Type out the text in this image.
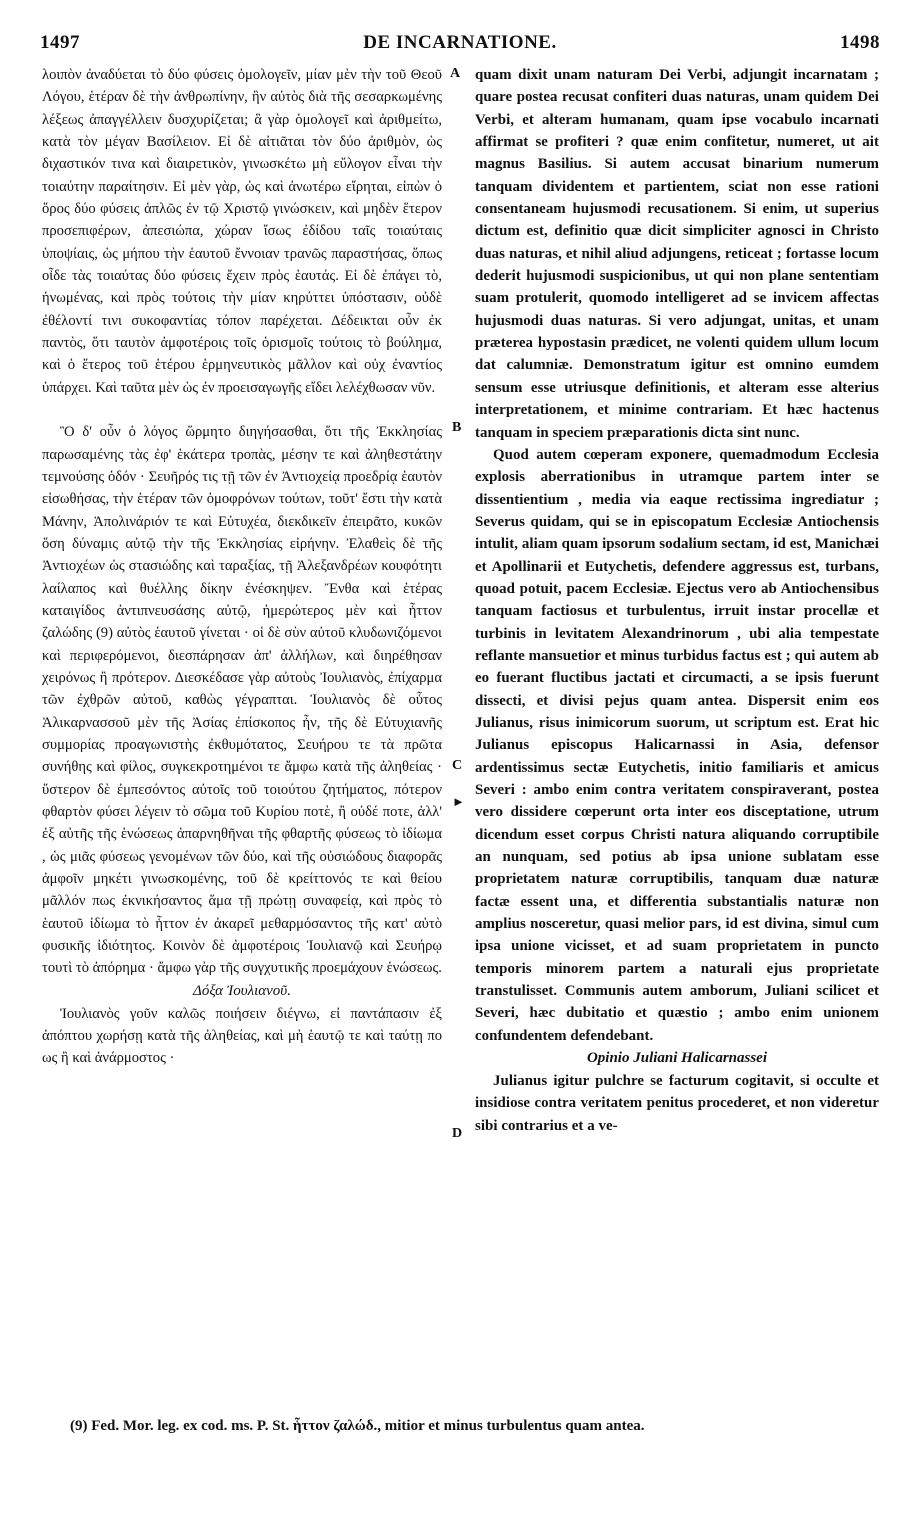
1497	DE INCARNATIONE.	1498

λοιπὸν ἀναδύεται τὸ δύο φύσεις ὁμολογεῖν, μίαν μὲν τὴν τοῦ Θεοῦ Λόγου, ἑτέραν δὲ τὴν ἀνθρωπίνην, ἣν αὐτὸς διὰ τῆς σεσαρκωμένης λέξεως ἀπαγγέλλειν δυσχυρίζεται; ἃ γὰρ ὁμολογεῖ καὶ ἀριθμείτω, κατὰ τὸν μέγαν Βασίλειον. Εἰ δὲ αἰτιᾶται τὸν δύο ἀριθμὸν, ὡς διχαστικόν τινα καὶ διαιρετικὸν, γινωσκέτω μὴ εὔλογον εἶναι τὴν τοιαύτην παραίτησιν. Εἰ μὲν γὰρ, ὡς καὶ ἀνωτέρω εἴρηται, εἰπὼν ὁ ὅρος δύο φύσεις ἁπλῶς ἐν τῷ Χριστῷ γινώσκειν, καὶ μηδὲν ἕτερον προσεπιφέρων, ἀπεσιώπα, χώραν ἴσως ἐδίδου ταῖς τοιαύταις ὑποψίαις, ὡς μήπου τὴν ἑαυτοῦ ἔννοιαν τρανῶς παραστήσας, ὅπως οἶδε τὰς τοιαύτας δύο φύσεις ἔχειν πρὸς ἑαυτάς. Εἰ δὲ ἐπάγει τὸ, ἡνωμένας, καὶ πρὸς τούτοις τὴν μίαν κηρύττει ὑπόστασιν, οὐδὲ ἐθέλοντί τινι συκοφαντίας τόπον παρέχεται. Δέδεικται οὖν ἐκ παντὸς, ὅτι ταυτὸν ἀμφοτέροις τοῖς ὁρισμοῖς τούτοις τὸ βούλημα, καὶ ὁ ἕτερος τοῦ ἑτέρου ἑρμηνευτικὸς μᾶλλον καὶ οὐχ ἐναντίος ὑπάρχει. Καὶ ταῦτα μὲν ὡς ἐν προεισαγωγῆς εἴδει λελέχθωσαν νῦν.

Ὃ δ' οὖν ὁ λόγος ὥρμητο διηγήσασθαι, ὅτι τῆς Ἐκκλησίας παρωσαμένης τὰς ἐφ' ἑκάτερα τροπὰς, μέσην τε καὶ ἀληθεστάτην τεμνούσης ὁδόν · Σευῆρός τις τῇ τῶν ἐν Ἀντιοχείᾳ προεδρίᾳ ἑαυτὸν εἰσωθήσας, τὴν ἑτέραν τῶν ὁμοφρόνων τούτων, τοῦτ' ἔστι τὴν κατὰ Μάνην, Ἀπολινάριόν τε καὶ Εὐτυχέα, διεκδικεῖν ἐπειρᾶτο, κυκῶν ὅση δύναμις αὐτῷ τὴν τῆς Ἐκκλησίας εἰρήνην. Ἐλαθεὶς δὲ τῆς Ἀντιοχέων ὡς στασιώδης καὶ ταραξίας, τῇ Ἀλεξανδρέων κουφότητι λαίλαπος καὶ θυέλλης δίκην ἐνέσκηψεν. Ἔνθα καὶ ἑτέρας καταιγίδος ἀντιπνευσάσης αὐτῷ, ἡμερώτερος μὲν καὶ ἧττον ζαλώδης (9) αὐτὸς ἑαυτοῦ γίνεται · οἱ δὲ σὺν αὐτοῦ κλυδωνιζόμενοι καὶ περιφερόμενοι, διεσπάρησαν ἀπ' ἀλλήλων, καὶ διηρέθησαν χειρόνως ἢ πρότερον. Διεσκέδασε γὰρ αὐτοὺς Ἰουλιανὸς, ἐπίχαρμα τῶν ἐχθρῶν αὐτοῦ, καθὼς γέγραπται. Ἰουλιανὸς δὲ οὗτος Ἁλικαρνασσοῦ μὲν τῆς Ἀσίας ἐπίσκοπος ἦν, τῆς δὲ Εὐτυχιανῆς συμμορίας προαγωνιστὴς ἐκθυμότατος, Σευήρου τε τὰ πρῶτα συνήθης καὶ φίλος, συγκεκροτημένοι τε ἄμφω κατὰ τῆς ἀληθείας · ὕστερον δὲ ἐμπεσόντος αὐτοῖς τοῦ τοιούτου ζητήματος, πότερον φθαρτὸν φύσει λέγειν τὸ σῶμα τοῦ Κυρίου ποτὲ, ἢ οὐδέ ποτε, ἀλλ' ἐξ αὐτῆς τῆς ἑνώσεως ἀπαρνηθῆναι τῆς φθαρτῆς φύσεως τὸ ἰδίωμα , ὡς μιᾶς φύσεως γενομένων τῶν δύο, καὶ τῆς οὐσιώδους διαφορᾶς ἀμφοῖν μηκέτι γινωσκομένης, τοῦ δὲ κρείττονός τε καὶ θείου μᾶλλόν πως ἐκνικήσαντος ἅμα τῇ πρώτῃ συναφείᾳ, καὶ πρὸς τὸ ἑαυτοῦ ἰδίωμα τὸ ἧττον ἐν ἀκαρεῖ μεθαρμόσαντος τῆς κατ' αὐτὸ φυσικῆς ἰδιότητος. Κοινὸν δὲ ἀμφοτέροις Ἰουλιανῷ καὶ Σευήρῳ τουτὶ τὸ ἀπόρημα · ἄμφω γὰρ τῆς συγχυτικῆς προεμάχουν ἑνώσεως.

Δόξα Ἰουλιανοῦ.

Ἰουλιανὸς γοῦν καλῶς ποιήσειν διέγνω, εἰ παντάπασιν ἐξ ἀπόπτου χωρήσῃ κατὰ τῆς ἀληθείας, καὶ μὴ ἑαυτῷ τε καὶ ταύτῃ πο ως ἢ καὶ ἀνάρμοστος ·

A
B
C
►
D

quam dixit unam naturam Dei Verbi, adjungit incarnatam ; quare postea recusat confiteri duas naturas, unam quidem Dei Verbi, et alteram humanam, quam ipse vocabulo incarnati affirmat se profiteri ? quæ enim confitetur, numeret, ut ait magnus Basilius. Si autem accusat binarium numerum tanquam dividentem et partientem, sciat non esse rationi consentaneam hujusmodi recusationem. Si enim, ut superius dictum est, definitio quæ dicit simpliciter agnosci in Christo duas naturas, et nihil aliud adjungens, reticeat ; fortasse locum dederit hujusmodi suspicionibus, ut qui non plane sententiam suam protulerit, quomodo intelligeret ad se invicem affectas hujusmodi duas naturas. Si vero adjungat, unitas, et unam præterea hypostasin prædicet, ne volenti quidem ullum locum dat calumniæ. Demonstratum igitur est omnino eumdem sensum esse utriusque definitionis, et alteram esse alterius interpretationem, et minime contrariam. Et hæc hactenus tanquam in speciem præparationis dicta sint nunc.

Quod autem cœperam exponere, quemadmodum Ecclesia explosis aberrationibus in utramque partem inter se dissentientium , media via eaque rectissima ingrediatur ; Severus quidam, qui se in episcopatum Ecclesiæ Antiochensis intulit, aliam quam ipsorum sodalium sectam, id est, Manichæi et Apollinarii et Eutychetis, defendere aggressus est, turbans, quoad potuit, pacem Ecclesiæ. Ejectus vero ab Antiochensibus tanquam factiosus et turbulentus, irruit instar procellæ et turbinis in levitatem Alexandrinorum , ubi alia tempestate reflante mansuetior et minus turbidus factus est ; qui autem ab eo fuerant fluctibus jactati et circumacti, a se ipsis fuerunt dissecti, et divisi pejus quam antea. Dispersit enim eos Julianus, risus inimicorum suorum, ut scriptum est. Erat hic Julianus episcopus Halicarnassi in Asia, defensor ardentissimus sectæ Eutychetis, initio familiaris et amicus Severi : ambo enim contra veritatem conspiraverant, postea vero dissidere cœperunt orta inter eos disceptatione, utrum dicendum esset corpus Christi natura aliquando corruptibile an nunquam, sed potius ab ipsa unione sublatam esse proprietatem naturæ corruptibilis, tanquam duæ naturæ factæ essent una, et differentia substantialis naturæ non amplius nosceretur, quasi melior pars, id est divina, simul cum ipsa unione vicisset, et ad suam proprietatem in puncto temporis minorem partem a naturali ejus proprietate transtulisset. Communis autem amborum, Juliani scilicet et Severi, hæc dubitatio et quæstio ; ambo enim unionem confundentem defendebant.

Opinio Juliani Halicarnassei

Julianus igitur pulchre se facturum cogitavit, si occulte et insidiose contra veritatem penitus procederet, et non videretur sibi contrarius et a ve-

(9) Fed. Mor. leg. ex cod. ms. P. St. ἧττον ζαλώδ., mitior et minus turbulentus quam antea.
